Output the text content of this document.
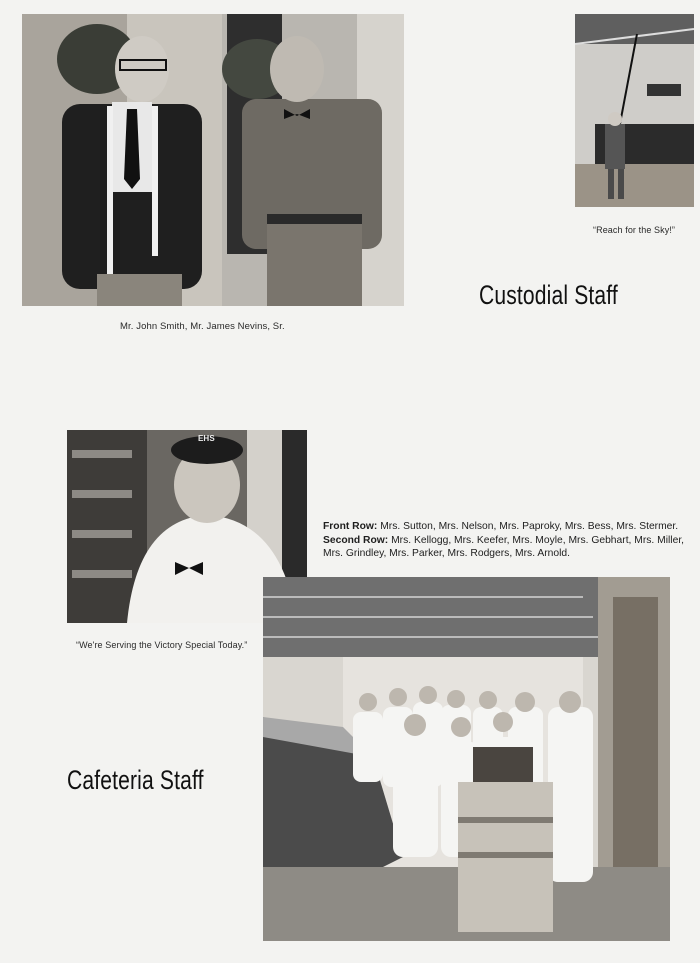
“Reach for the Sky!”
Custodial Staff
Mr. John Smith, Mr. James Nevins, Sr.
EHS
“We're Serving the Victory Special Today.”
Front Row: Mrs. Sutton, Mrs. Nelson, Mrs. Paproky, Mrs. Bess, Mrs. Stermer.
Second Row: Mrs. Kellogg, Mrs. Keefer, Mrs. Moyle, Mrs. Gebhart, Mrs. Miller, Mrs. Grindley, Mrs. Parker, Mrs. Rodgers, Mrs. Arnold.
Cafeteria Staff
